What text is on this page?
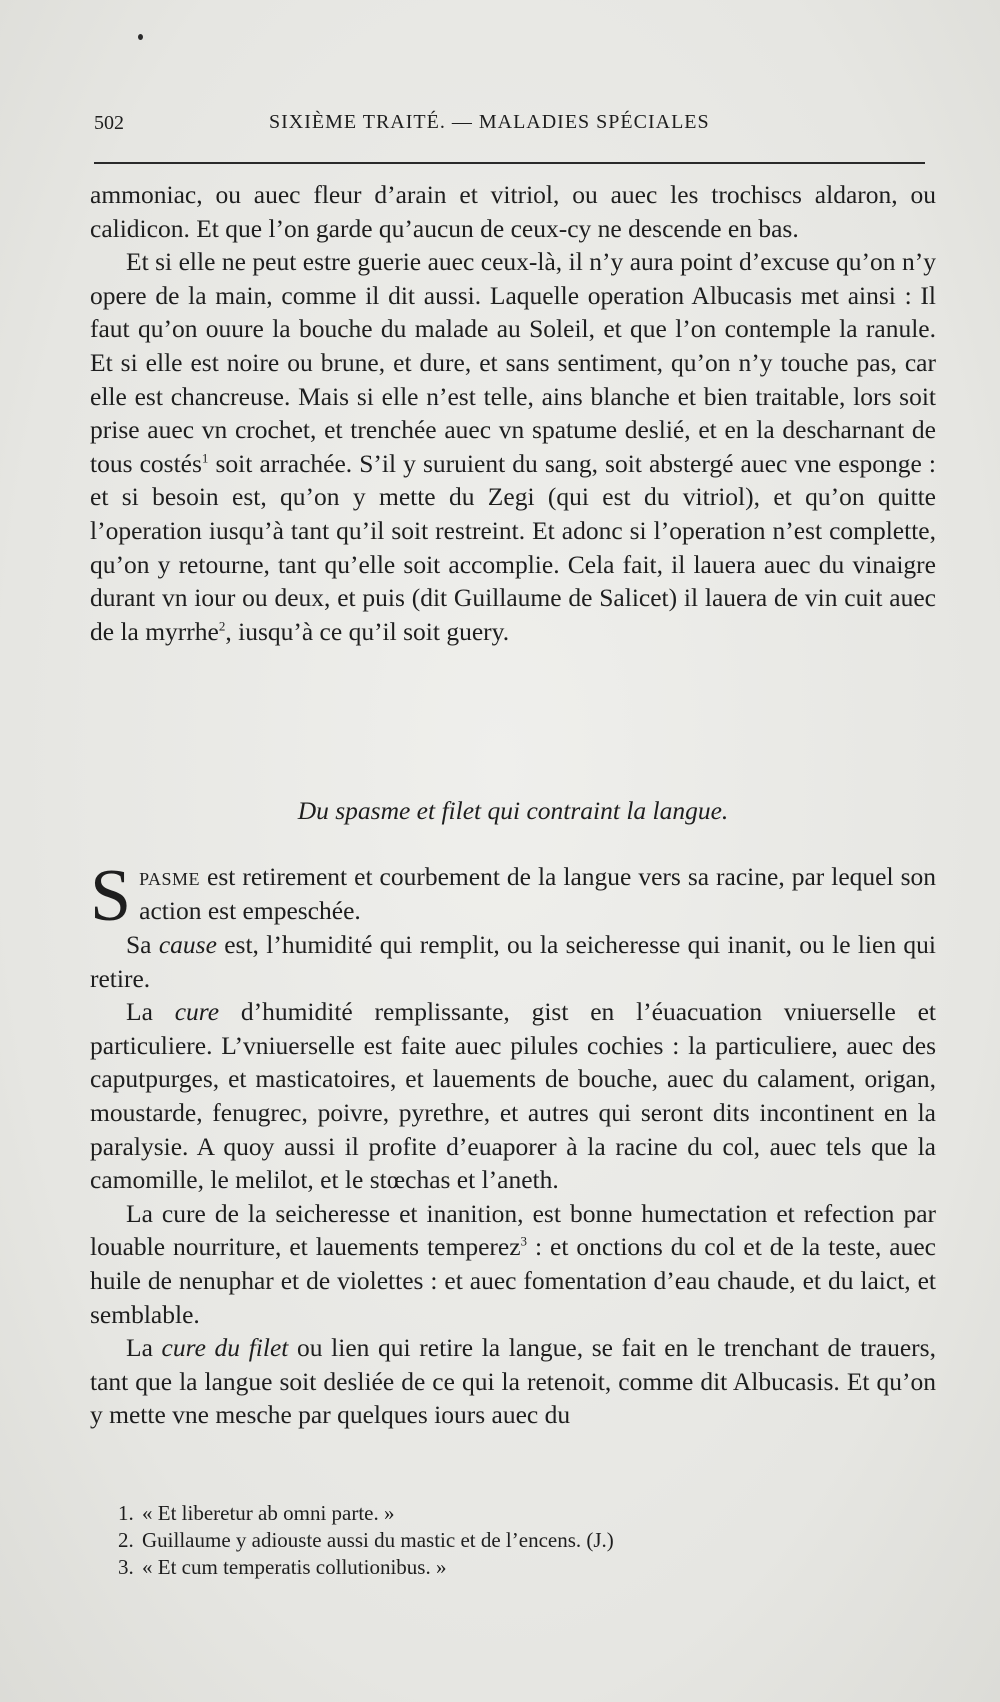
502	SIXIÈME TRAITÉ. — MALADIES SPÉCIALES

ammoniac, ou auec fleur d’arain et vitriol, ou auec les trochiscs aldaron, ou calidicon. Et que l’on garde qu’aucun de ceux-cy ne descende en bas.

Et si elle ne peut estre guerie auec ceux-là, il n’y aura point d’excuse qu’on n’y opere de la main, comme il dit aussi. Laquelle operation Albucasis met ainsi : Il faut qu’on ouure la bouche du malade au Soleil, et que l’on contemple la ranule. Et si elle est noire ou brune, et dure, et sans sentiment, qu’on n’y touche pas, car elle est chancreuse. Mais si elle n’est telle, ains blanche et bien traitable, lors soit prise auec vn crochet, et trenchée auec vn spatume deslié, et en la descharnant de tous costés$^1$ soit arrachée. S’il y suruient du sang, soit abstergé auec vne esponge : et si besoin est, qu’on y mette du Zegi (qui est du vitriol), et qu’on quitte l’operation iusqu’à tant qu’il soit restreint. Et adonc si l’operation n’est complette, qu’on y retourne, tant qu’elle soit accomplie. Cela fait, il lauera auec du vinaigre durant vn iour ou deux, et puis (dit Guillaume de Salicet) il lauera de vin cuit auec de la myrrhe$^2$, iusqu’à ce qu’il soit guery.

Du spasme et filet qui contraint la langue.

Spasme est retirement et courbement de la langue vers sa racine, par lequel son action est empeschée.

Sa cause est, l’humidité qui remplit, ou la seicheresse qui inanit, ou le lien qui retire.

La cure d’humidité remplissante, gist en l’éuacuation vniuerselle et particuliere. L’vniuerselle est faite auec pilules cochies : la particuliere, auec des caputpurges, et masticatoires, et lauements de bouche, auec du calament, origan, moustarde, fenugrec, poivre, pyrethre, et autres qui seront dits incontinent en la paralysie. A quoy aussi il profite d’euaporer à la racine du col, auec tels que la camomille, le melilot, et le stœchas et l’aneth.

La cure de la seicheresse et inanition, est bonne humectation et refection par louable nourriture, et lauements temperez$^3$ : et onctions du col et de la teste, auec huile de nenuphar et de violettes : et auec fomentation d’eau chaude, et du laict, et semblable.

La cure du filet ou lien qui retire la langue, se fait en le trenchant de trauers, tant que la langue soit desliée de ce qui la retenoit, comme dit Albucasis. Et qu’on y mette vne mesche par quelques iours auec du

1. « Et liberetur ab omni parte. »
2. Guillaume y adiouste aussi du mastic et de l’encens. (J.)
3. « Et cum temperatis collutionibus. »
